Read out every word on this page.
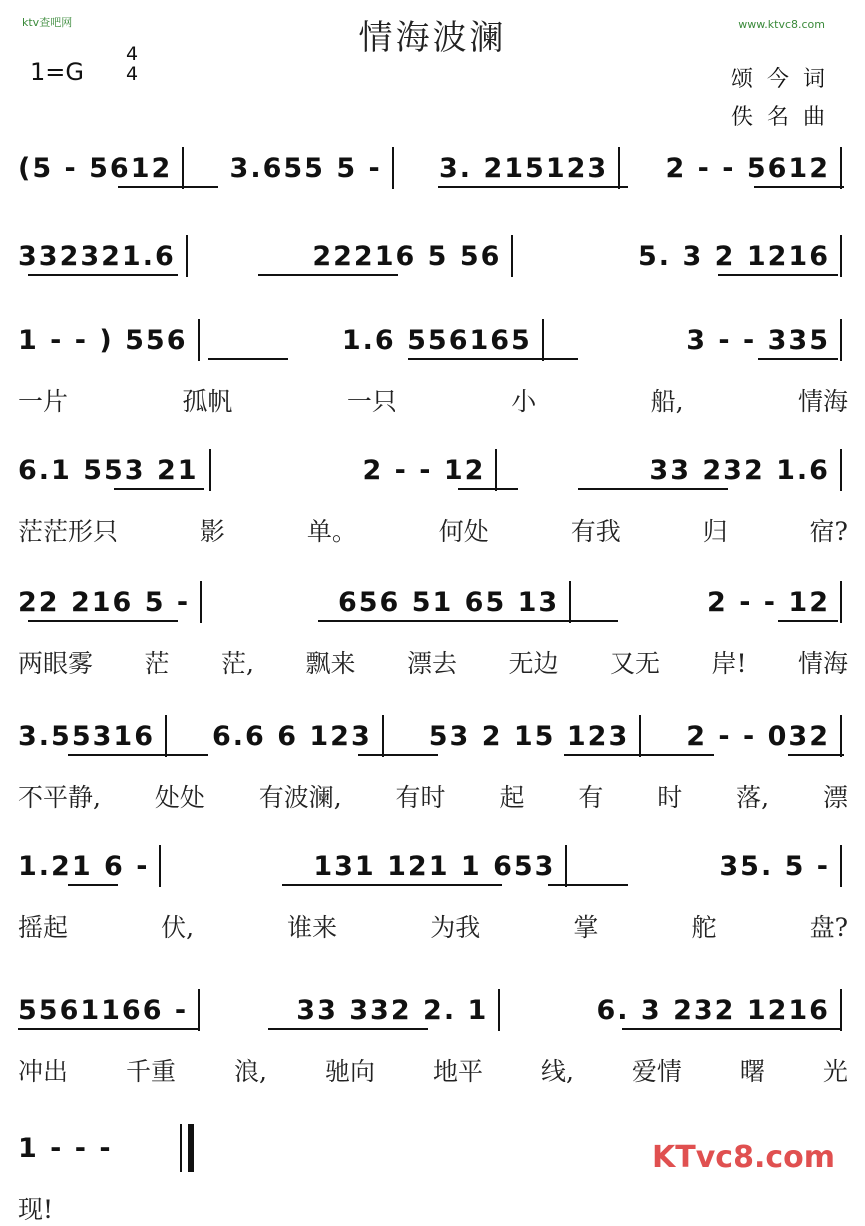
ktv查吧网	www.ktvc8.com
情海波澜
1=G
4
4	颂今词
佚名曲
(5 - 5612 3.655 5 - 3. 215123 2 - - 5612
332321.6	22216 5 56	5. 3 2 1216
1 - - ) 556	1.6 556165	3 - - 335
一片	孤帆	一只	小	船,	情海
6.1 553 21	2 - - 12	33 232 1.6
茫茫形只	影	单。	何处	有我	归	宿?
22 216 5 -	656 51 65 13	2 - - 12
两眼雾 茫 茫, 飘来 漂去 无边 又无 岸! 情海
3.55316 6.6 6 123 53 2 15 123 2 - - 032
不平静, 处处 有波澜, 有时 起 有 时 落, 漂
1.21 6 -	131 121 1 653	35. 5 -
摇起	伏,	谁来	为我	掌	舵	盘?
5561166 -	33 332 2. 1	6. 3 232 1216
冲出 千重 浪, 驰向 地平 线, 爱情 曙 光
1 - - -
现!
KTvc8.com
